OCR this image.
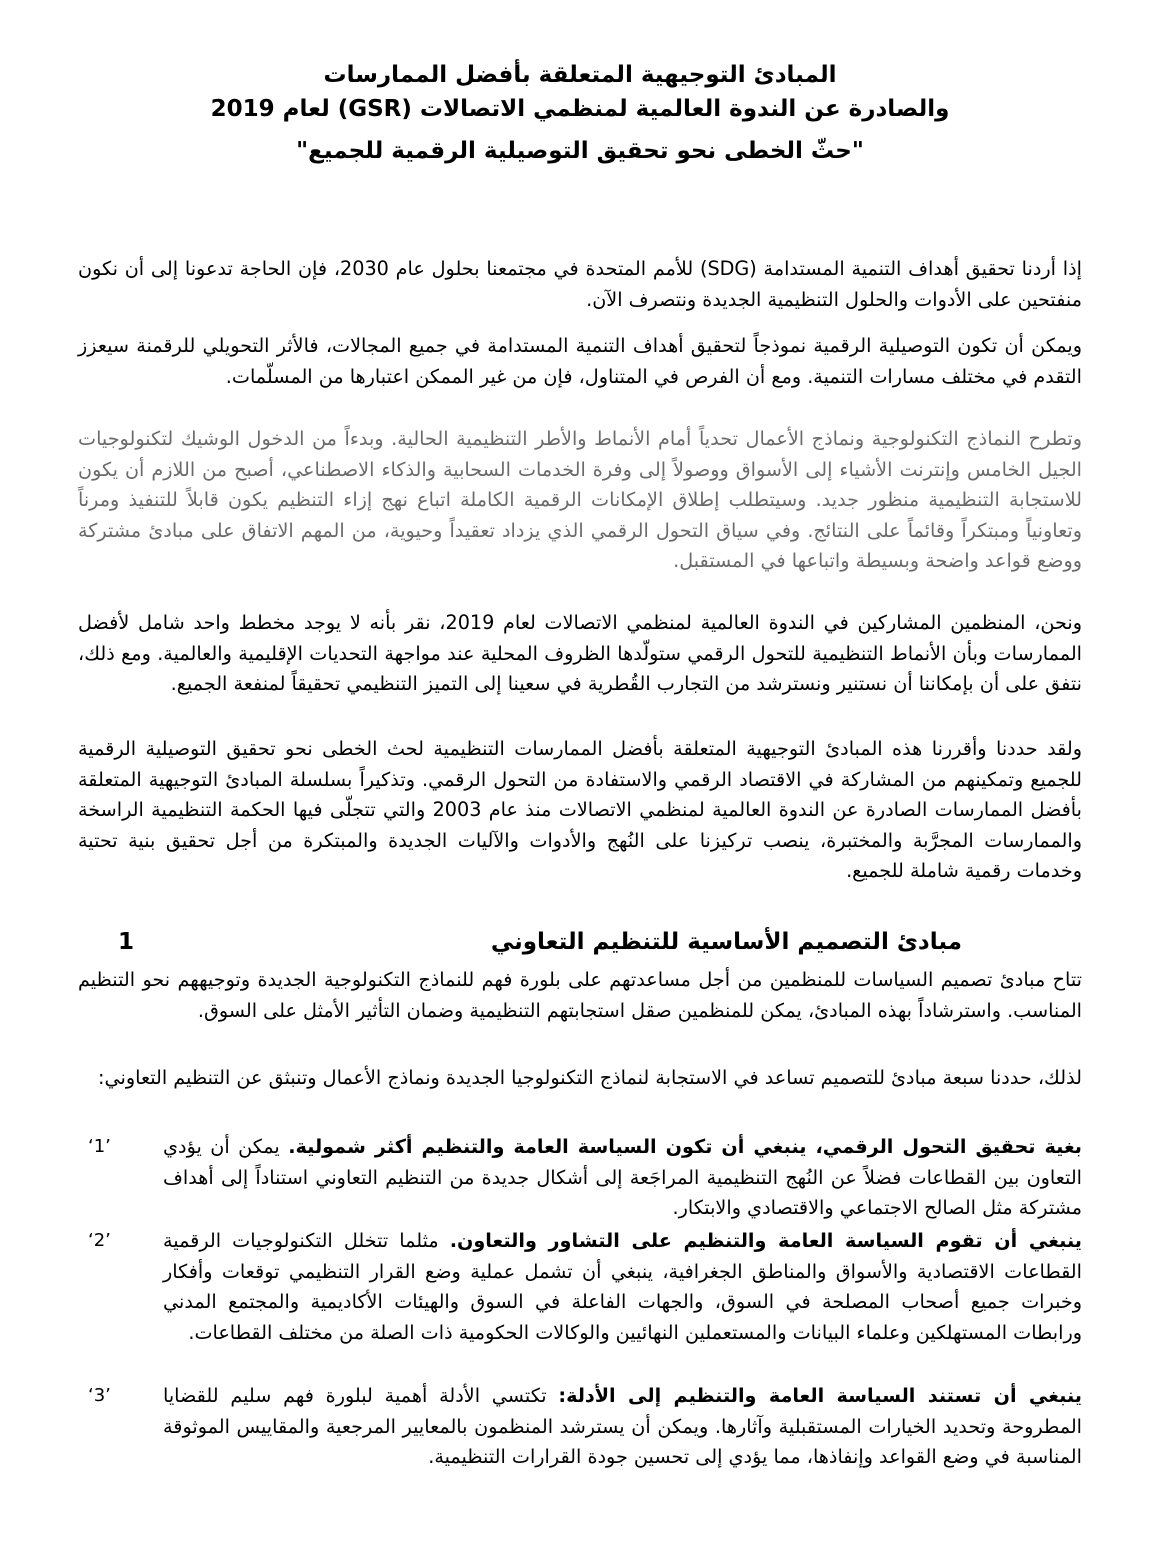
المبادئ التوجيهية المتعلقة بأفضل الممارسات
والصادرة عن الندوة العالمية لمنظمي الاتصالات (GSR) لعام 2019
"حثّ الخطى نحو تحقيق التوصيلية الرقمية للجميع"

إذا أردنا تحقيق أهداف التنمية المستدامة (SDG) للأمم المتحدة في مجتمعنا بحلول عام 2030، فإن الحاجة تدعونا إلى أن نكون منفتحين على الأدوات والحلول التنظيمية الجديدة ونتصرف الآن.

ويمكن أن تكون التوصيلية الرقمية نموذجاً لتحقيق أهداف التنمية المستدامة في جميع المجالات، فالأثر التحويلي للرقمنة سيعزز التقدم في مختلف مسارات التنمية. ومع أن الفرص في المتناول، فإن من غير الممكن اعتبارها من المسلّمات.

وتطرح النماذج التكنولوجية ونماذج الأعمال تحدياً أمام الأنماط والأطر التنظيمية الحالية. وبدءاً من الدخول الوشيك لتكنولوجيات الجيل الخامس وإنترنت الأشياء إلى الأسواق ووصولاً إلى وفرة الخدمات السحابية والذكاء الاصطناعي، أصبح من اللازم أن يكون للاستجابة التنظيمية منظور جديد. وسيتطلب إطلاق الإمكانات الرقمية الكاملة اتباع نهج إزاء التنظيم يكون قابلاً للتنفيذ ومرناً وتعاونياً ومبتكراً وقائماً على النتائج. وفي سياق التحول الرقمي الذي يزداد تعقيداً وحيوية، من المهم الاتفاق على مبادئ مشتركة ووضع قواعد واضحة وبسيطة واتباعها في المستقبل.

ونحن، المنظمين المشاركين في الندوة العالمية لمنظمي الاتصالات لعام 2019، نقر بأنه لا يوجد مخطط واحد شامل لأفضل الممارسات وبأن الأنماط التنظيمية للتحول الرقمي ستولّدها الظروف المحلية عند مواجهة التحديات الإقليمية والعالمية. ومع ذلك، نتفق على أن بإمكاننا أن نستنير ونسترشد من التجارب القُطرية في سعينا إلى التميز التنظيمي تحقيقاً لمنفعة الجميع.

ولقد حددنا وأقررنا هذه المبادئ التوجيهية المتعلقة بأفضل الممارسات التنظيمية لحث الخطى نحو تحقيق التوصيلية الرقمية للجميع وتمكينهم من المشاركة في الاقتصاد الرقمي والاستفادة من التحول الرقمي. وتذكيراً بسلسلة المبادئ التوجيهية المتعلقة بأفضل الممارسات الصادرة عن الندوة العالمية لمنظمي الاتصالات منذ عام 2003 والتي تتجلّى فيها الحكمة التنظيمية الراسخة والممارسات المجرَّبة والمختبرة، ينصب تركيزنا على النُهج والأدوات والآليات الجديدة والمبتكرة من أجل تحقيق بنية تحتية وخدمات رقمية شاملة للجميع.

1	مبادئ التصميم الأساسية للتنظيم التعاوني

تتاح مبادئ تصميم السياسات للمنظمين من أجل مساعدتهم على بلورة فهم للنماذج التكنولوجية الجديدة وتوجيههم نحو التنظيم المناسب. واسترشاداً بهذه المبادئ، يمكن للمنظمين صقل استجابتهم التنظيمية وضمان التأثير الأمثل على السوق.

لذلك، حددنا سبعة مبادئ للتصميم تساعد في الاستجابة لنماذج التكنولوجيا الجديدة ونماذج الأعمال وتنبثق عن التنظيم التعاوني:

‘1’	بغية تحقيق التحول الرقمي، ينبغي أن تكون السياسة العامة والتنظيم أكثر شمولية. يمكن أن يؤدي التعاون بين القطاعات فضلاً عن النُهج التنظيمية المراجَعة إلى أشكال جديدة من التنظيم التعاوني استناداً إلى أهداف مشتركة مثل الصالح الاجتماعي والاقتصادي والابتكار.
‘2’	ينبغي أن تقوم السياسة العامة والتنظيم على التشاور والتعاون. مثلما تتخلل التكنولوجيات الرقمية القطاعات الاقتصادية والأسواق والمناطق الجغرافية، ينبغي أن تشمل عملية وضع القرار التنظيمي توقعات وأفكار وخبرات جميع أصحاب المصلحة في السوق، والجهات الفاعلة في السوق والهيئات الأكاديمية والمجتمع المدني ورابطات المستهلكين وعلماء البيانات والمستعملين النهائيين والوكالات الحكومية ذات الصلة من مختلف القطاعات.
‘3’	ينبغي أن تستند السياسة العامة والتنظيم إلى الأدلة: تكتسي الأدلة أهمية لبلورة فهم سليم للقضايا المطروحة وتحديد الخيارات المستقبلية وآثارها. ويمكن أن يسترشد المنظمون بالمعايير المرجعية والمقاييس الموثوقة المناسبة في وضع القواعد وإنفاذها، مما يؤدي إلى تحسين جودة القرارات التنظيمية.
